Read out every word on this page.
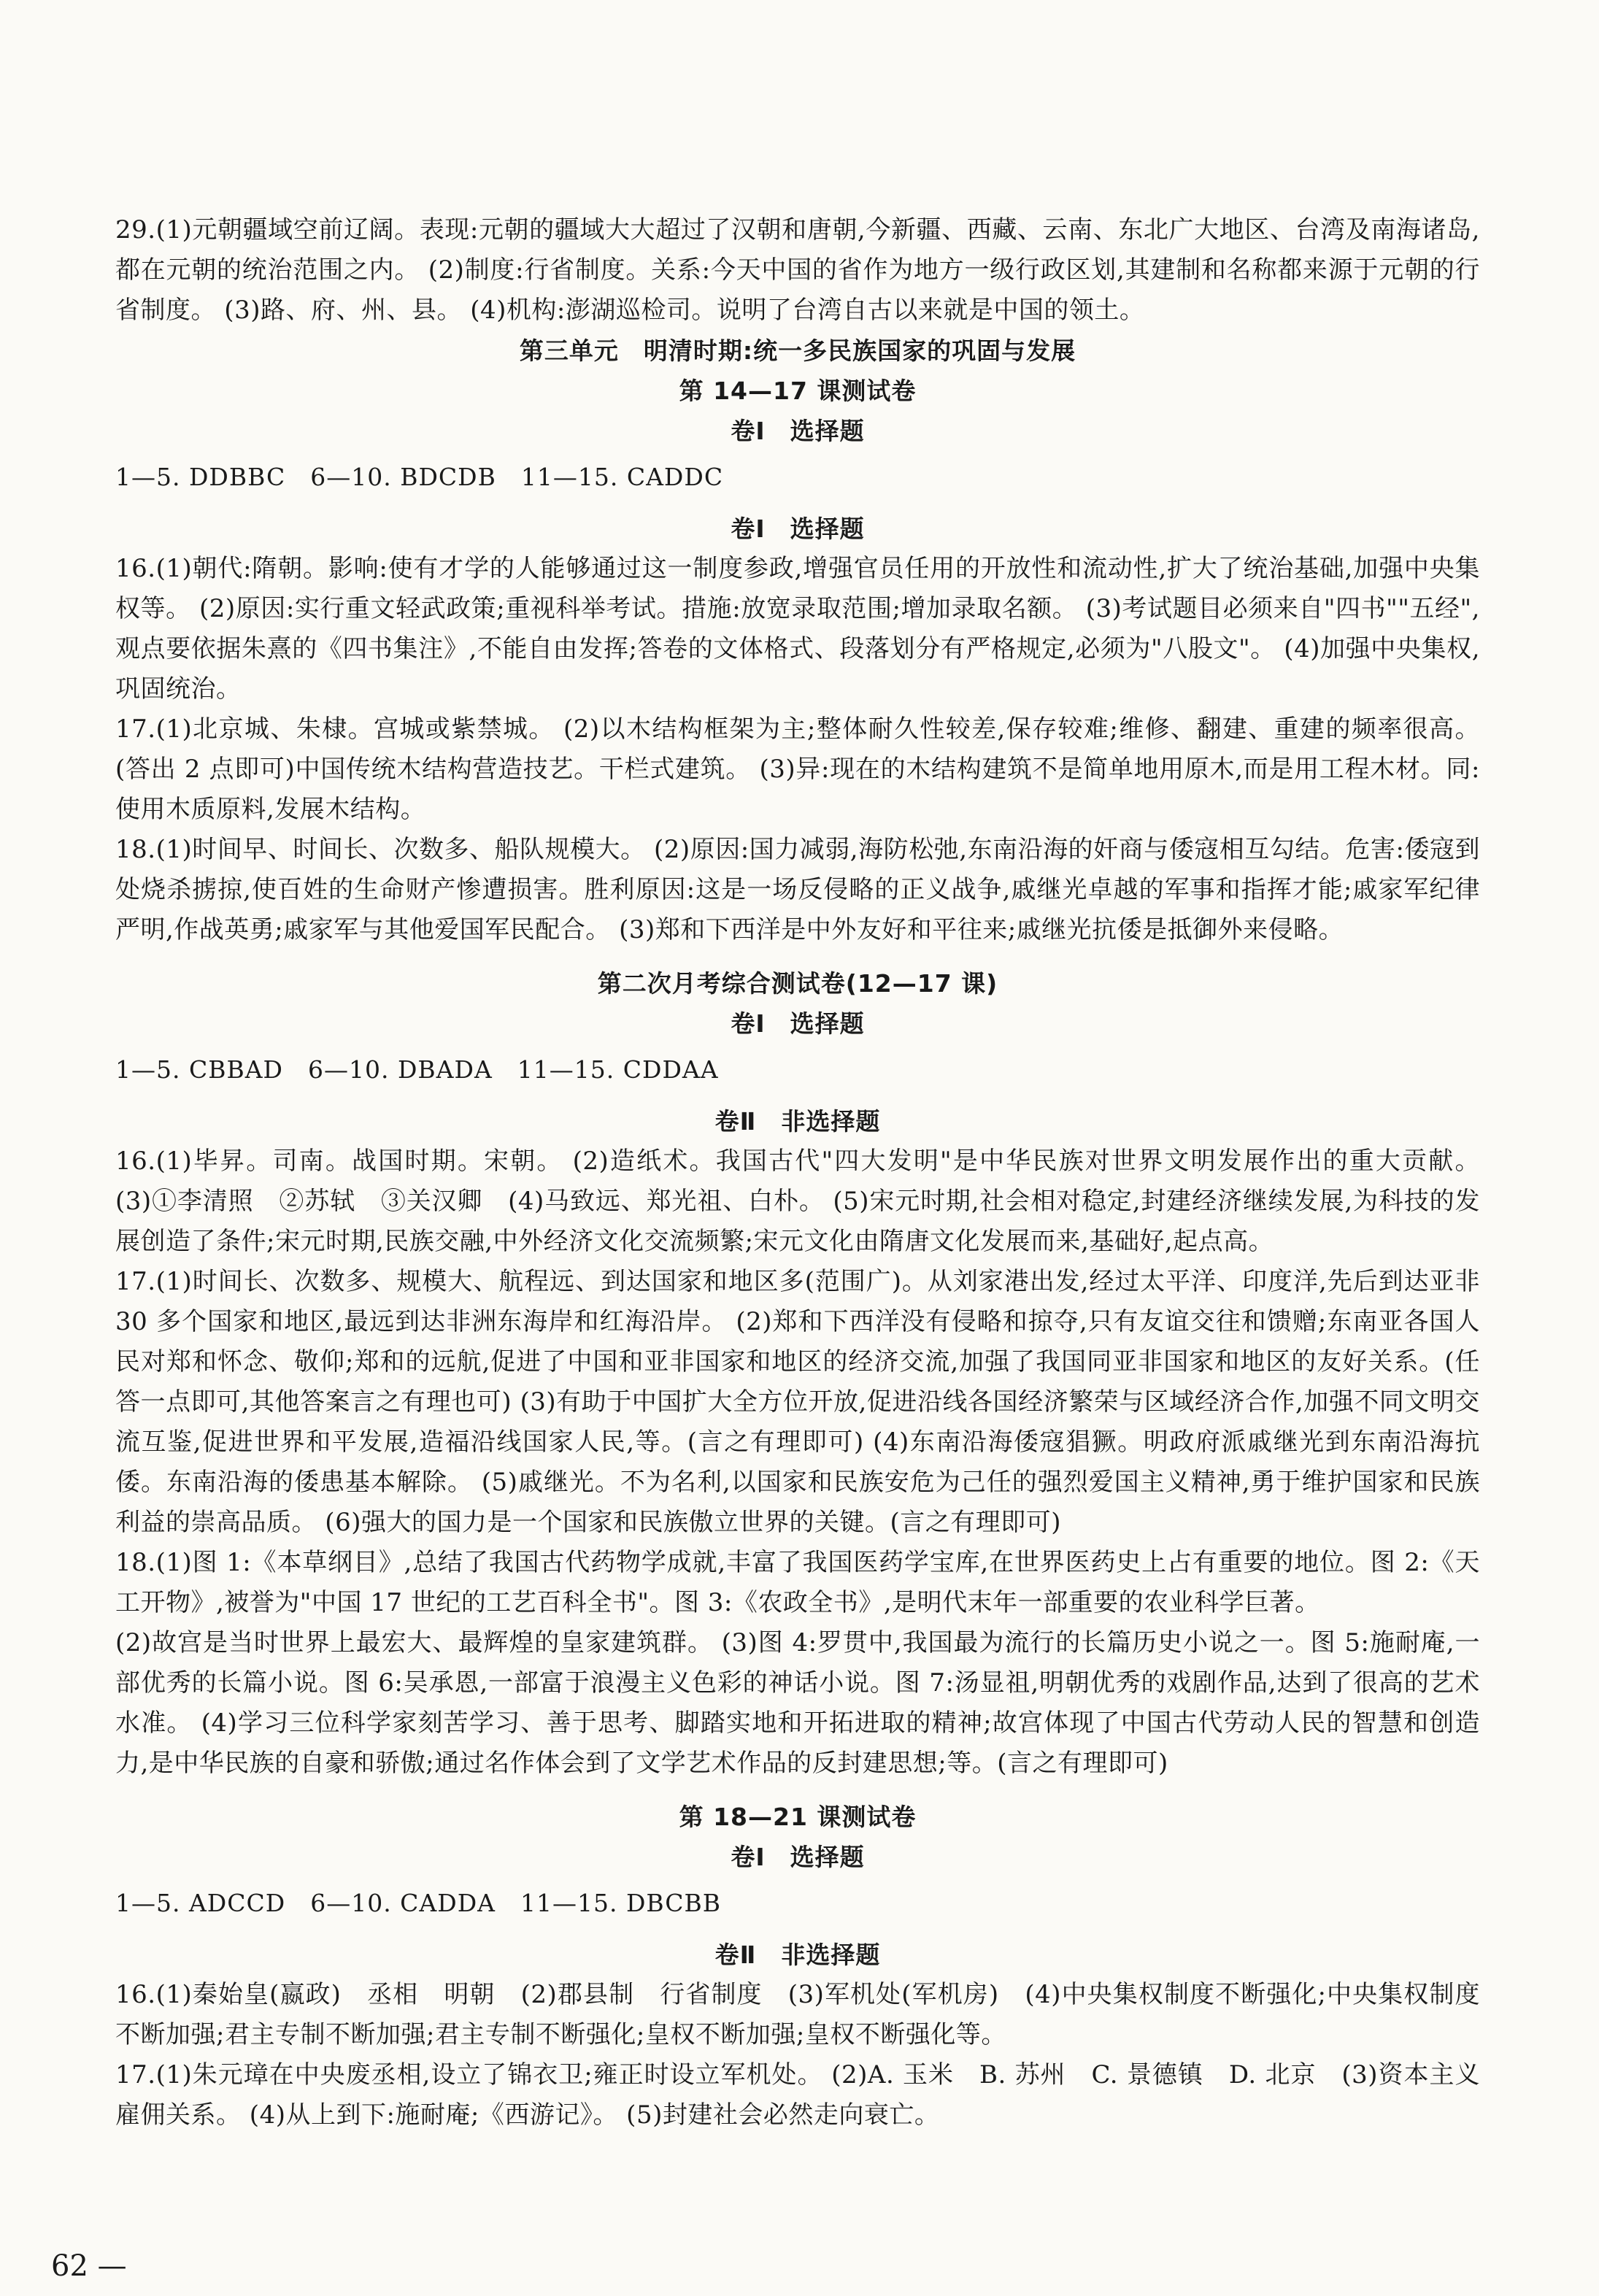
29.(1)元朝疆域空前辽阔。表现:元朝的疆域大大超过了汉朝和唐朝,今新疆、西藏、云南、东北广大地区、台湾及南海诸岛,都在元朝的统治范围之内。 (2)制度:行省制度。关系:今天中国的省作为地方一级行政区划,其建制和名称都来源于元朝的行省制度。 (3)路、府、州、县。 (4)机构:澎湖巡检司。说明了台湾自古以来就是中国的领土。

第三单元　明清时期:统一多民族国家的巩固与发展

第 14—17 课测试卷

卷Ⅰ　选择题

1—5. DDBBC　6—10. BDCDB　11—15. CADDC

卷Ⅰ　选择题

16.(1)朝代:隋朝。影响:使有才学的人能够通过这一制度参政,增强官员任用的开放性和流动性,扩大了统治基础,加强中央集权等。 (2)原因:实行重文轻武政策;重视科举考试。措施:放宽录取范围;增加录取名额。 (3)考试题目必须来自"四书""五经",观点要依据朱熹的《四书集注》,不能自由发挥;答卷的文体格式、段落划分有严格规定,必须为"八股文"。 (4)加强中央集权,巩固统治。

17.(1)北京城、朱棣。宫城或紫禁城。 (2)以木结构框架为主;整体耐久性较差,保存较难;维修、翻建、重建的频率很高。(答出 2 点即可)中国传统木结构营造技艺。干栏式建筑。 (3)异:现在的木结构建筑不是简单地用原木,而是用工程木材。同:使用木质原料,发展木结构。

18.(1)时间早、时间长、次数多、船队规模大。 (2)原因:国力减弱,海防松弛,东南沿海的奸商与倭寇相互勾结。危害:倭寇到处烧杀掳掠,使百姓的生命财产惨遭损害。胜利原因:这是一场反侵略的正义战争,戚继光卓越的军事和指挥才能;戚家军纪律严明,作战英勇;戚家军与其他爱国军民配合。 (3)郑和下西洋是中外友好和平往来;戚继光抗倭是抵御外来侵略。

第二次月考综合测试卷(12—17 课)

卷Ⅰ　选择题

1—5. CBBAD　6—10. DBADA　11—15. CDDAA

卷Ⅱ　非选择题

16.(1)毕昇。司南。战国时期。宋朝。 (2)造纸术。我国古代"四大发明"是中华民族对世界文明发展作出的重大贡献。 (3)①李清照　②苏轼　③关汉卿　(4)马致远、郑光祖、白朴。 (5)宋元时期,社会相对稳定,封建经济继续发展,为科技的发展创造了条件;宋元时期,民族交融,中外经济文化交流频繁;宋元文化由隋唐文化发展而来,基础好,起点高。

17.(1)时间长、次数多、规模大、航程远、到达国家和地区多(范围广)。从刘家港出发,经过太平洋、印度洋,先后到达亚非 30 多个国家和地区,最远到达非洲东海岸和红海沿岸。 (2)郑和下西洋没有侵略和掠夺,只有友谊交往和馈赠;东南亚各国人民对郑和怀念、敬仰;郑和的远航,促进了中国和亚非国家和地区的经济交流,加强了我国同亚非国家和地区的友好关系。(任答一点即可,其他答案言之有理也可) (3)有助于中国扩大全方位开放,促进沿线各国经济繁荣与区域经济合作,加强不同文明交流互鉴,促进世界和平发展,造福沿线国家人民,等。(言之有理即可) (4)东南沿海倭寇猖獗。明政府派戚继光到东南沿海抗倭。东南沿海的倭患基本解除。 (5)戚继光。不为名利,以国家和民族安危为己任的强烈爱国主义精神,勇于维护国家和民族利益的崇高品质。 (6)强大的国力是一个国家和民族傲立世界的关键。(言之有理即可)

18.(1)图 1:《本草纲目》,总结了我国古代药物学成就,丰富了我国医药学宝库,在世界医药史上占有重要的地位。图 2:《天工开物》,被誉为"中国 17 世纪的工艺百科全书"。图 3:《农政全书》,是明代末年一部重要的农业科学巨著。

(2)故宫是当时世界上最宏大、最辉煌的皇家建筑群。 (3)图 4:罗贯中,我国最为流行的长篇历史小说之一。图 5:施耐庵,一部优秀的长篇小说。图 6:吴承恩,一部富于浪漫主义色彩的神话小说。图 7:汤显祖,明朝优秀的戏剧作品,达到了很高的艺术水准。 (4)学习三位科学家刻苦学习、善于思考、脚踏实地和开拓进取的精神;故宫体现了中国古代劳动人民的智慧和创造力,是中华民族的自豪和骄傲;通过名作体会到了文学艺术作品的反封建思想;等。(言之有理即可)

第 18—21 课测试卷

卷Ⅰ　选择题

1—5. ADCCD　6—10. CADDA　11—15. DBCBB

卷Ⅱ　非选择题

16.(1)秦始皇(嬴政)　丞相　明朝　(2)郡县制　行省制度　(3)军机处(军机房)　(4)中央集权制度不断强化;中央集权制度不断加强;君主专制不断加强;君主专制不断强化;皇权不断加强;皇权不断强化等。

17.(1)朱元璋在中央废丞相,设立了锦衣卫;雍正时设立军机处。 (2)A. 玉米　B. 苏州　C. 景德镇　D. 北京　(3)资本主义雇佣关系。 (4)从上到下:施耐庵;《西游记》。 (5)封建社会必然走向衰亡。

62 —
